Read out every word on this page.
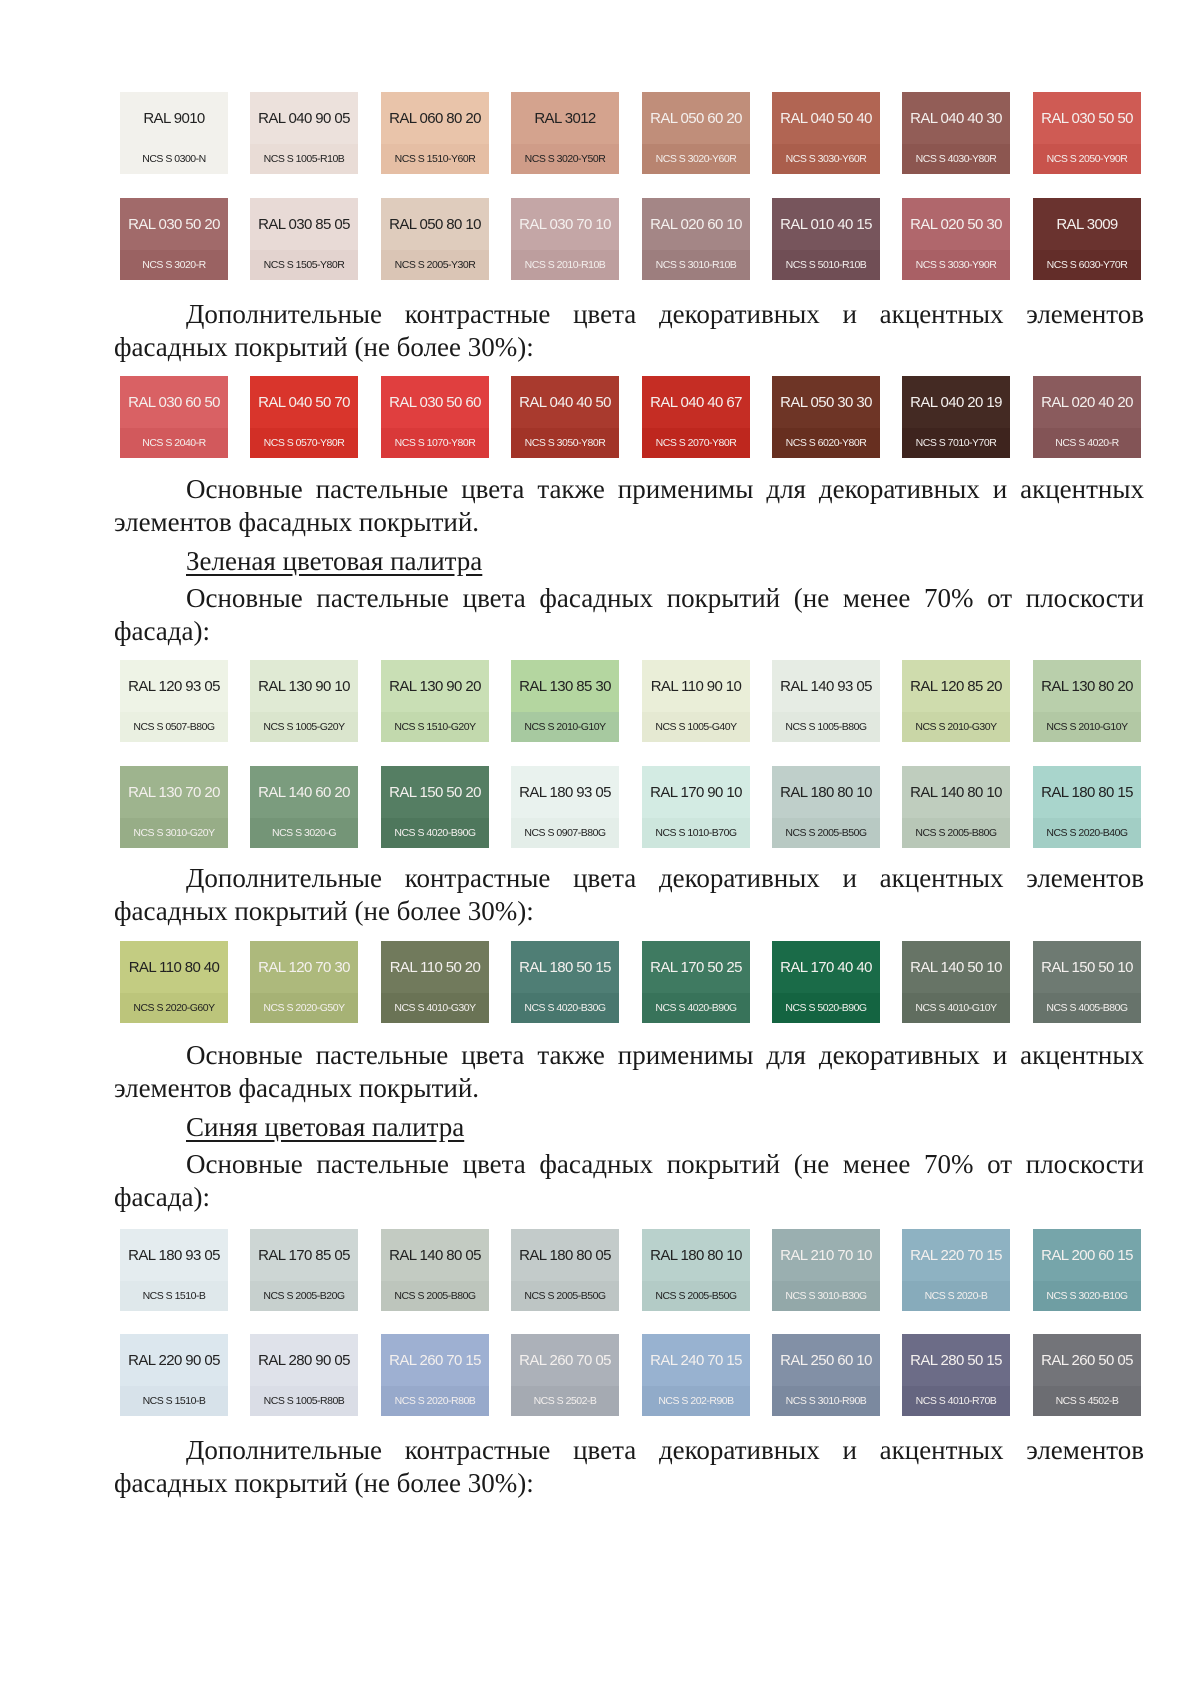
RAL 9010
NCS S 0300-N
RAL 040 90 05
NCS S 1005-R10B
RAL 060 80 20
NCS S 1510-Y60R
RAL 3012
NCS S 3020-Y50R
RAL 050 60 20
NCS S 3020-Y60R
RAL 040 50 40
NCS S 3030-Y60R
RAL 040 40 30
NCS S 4030-Y80R
RAL 030 50 50
NCS S 2050-Y90R
RAL 030 50 20
NCS S 3020-R
RAL 030 85 05
NCS S 1505-Y80R
RAL 050 80 10
NCS S 2005-Y30R
RAL 030 70 10
NCS S 2010-R10B
RAL 020 60 10
NCS S 3010-R10B
RAL 010 40 15
NCS S 5010-R10B
RAL 020 50 30
NCS S 3030-Y90R
RAL 3009
NCS S 6030-Y70R
Дополнительные контрастные цвета декоративных и акцентных элементов фасадных покрытий (не более 30%):
RAL 030 60 50
NCS S 2040-R
RAL 040 50 70
NCS S 0570-Y80R
RAL 030 50 60
NCS S 1070-Y80R
RAL 040 40 50
NCS S 3050-Y80R
RAL 040 40 67
NCS S 2070-Y80R
RAL 050 30 30
NCS S 6020-Y80R
RAL 040 20 19
NCS S 7010-Y70R
RAL 020 40 20
NCS S 4020-R
Основные пастельные цвета также применимы для декоративных и акцентных элементов фасадных покрытий.
Зеленая цветовая палитра
Основные пастельные цвета фасадных покрытий (не менее 70% от плоскости фасада):
RAL 120 93 05
NCS S 0507-B80G
RAL 130 90 10
NCS S 1005-G20Y
RAL 130 90 20
NCS S 1510-G20Y
RAL 130 85 30
NCS S 2010-G10Y
RAL 110 90 10
NCS S 1005-G40Y
RAL 140 93 05
NCS S 1005-B80G
RAL 120 85 20
NCS S 2010-G30Y
RAL 130 80 20
NCS S 2010-G10Y
RAL 130 70 20
NCS S 3010-G20Y
RAL 140 60 20
NCS S 3020-G
RAL 150 50 20
NCS S 4020-B90G
RAL 180 93 05
NCS S 0907-B80G
RAL 170 90 10
NCS S 1010-B70G
RAL 180 80 10
NCS S 2005-B50G
RAL 140 80 10
NCS S 2005-B80G
RAL 180 80 15
NCS S 2020-B40G
Дополнительные контрастные цвета декоративных и акцентных элементов фасадных покрытий (не более 30%):
RAL 110 80 40
NCS S 2020-G60Y
RAL 120 70 30
NCS S 2020-G50Y
RAL 110 50 20
NCS S 4010-G30Y
RAL 180 50 15
NCS S 4020-B30G
RAL 170 50 25
NCS S 4020-B90G
RAL 170 40 40
NCS S 5020-B90G
RAL 140 50 10
NCS S 4010-G10Y
RAL 150 50 10
NCS S 4005-B80G
Основные пастельные цвета также применимы для декоративных и акцентных элементов фасадных покрытий.
Синяя цветовая палитра
Основные пастельные цвета фасадных покрытий (не менее 70% от плоскости фасада):
RAL 180 93 05
NCS S 1510-B
RAL 170 85 05
NCS S 2005-B20G
RAL 140 80 05
NCS S 2005-B80G
RAL 180 80 05
NCS S 2005-B50G
RAL 180 80 10
NCS S 2005-B50G
RAL 210 70 10
NCS S 3010-B30G
RAL 220 70 15
NCS S 2020-B
RAL 200 60 15
NCS S 3020-B10G
RAL 220 90 05
NCS S 1510-B
RAL 280 90 05
NCS S 1005-R80B
RAL 260 70 15
NCS S 2020-R80B
RAL 260 70 05
NCS S 2502-B
RAL 240 70 15
NCS S 202-R90B
RAL 250 60 10
NCS S 3010-R90B
RAL 280 50 15
NCS S 4010-R70B
RAL 260 50 05
NCS S 4502-B
Дополнительные контрастные цвета декоративных и акцентных элементов фасадных покрытий (не более 30%):
